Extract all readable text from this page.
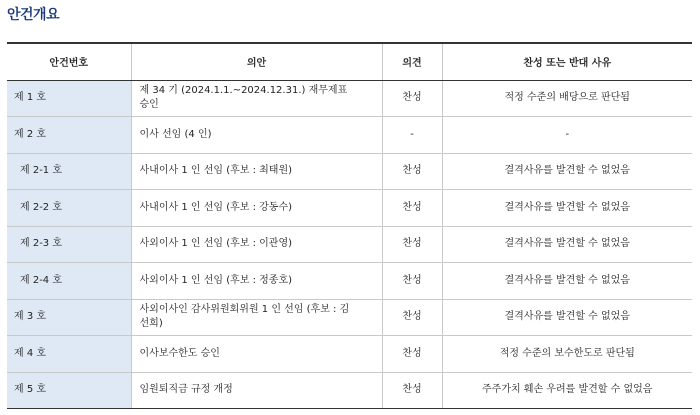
안건개요
안건번호	의안	의견	찬성 또는 반대 사유
제 1 호	제 34 기 (2024.1.1.~2024.12.31.) 재무제표 승인	찬성	적정 수준의 배당으로 판단됨
제 2 호	이사 선임 (4 인)	-	-
제 2-1 호	사내이사 1 인 선임 (후보 : 최태원)	찬성	결격사유를 발견할 수 없었음
제 2-2 호	사내이사 1 인 선임 (후보 : 강동수)	찬성	결격사유를 발견할 수 없었음
제 2-3 호	사외이사 1 인 선임 (후보 : 이관영)	찬성	결격사유를 발견할 수 없었음
제 2-4 호	사외이사 1 인 선임 (후보 : 정종호)	찬성	결격사유를 발견할 수 없었음
제 3 호	사외이사인 감사위원회위원 1 인 선임 (후보 : 김선희)	찬성	결격사유를 발견할 수 없었음
제 4 호	이사보수한도 승인	찬성	적정 수준의 보수한도로 판단됨
제 5 호	임원퇴직금 규정 개정	찬성	주주가치 훼손 우려를 발견할 수 없었음
